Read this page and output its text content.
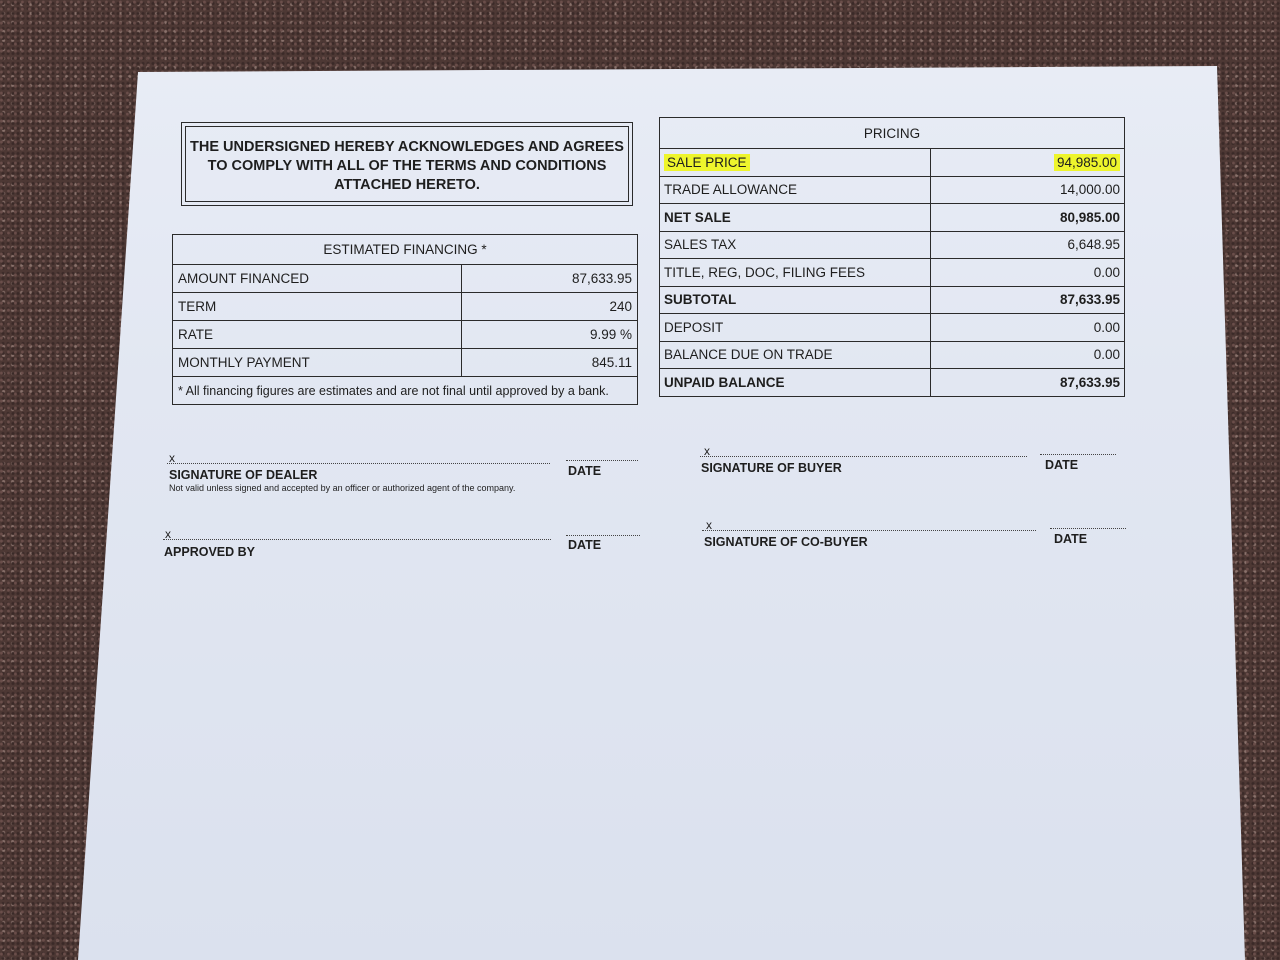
THE UNDERSIGNED HEREBY ACKNOWLEDGES AND AGREES
TO COMPLY WITH ALL OF THE TERMS AND CONDITIONS
ATTACHED HERETO.
ESTIMATED FINANCING *	
AMOUNT FINANCED	87,633.95
TERM	240
RATE	9.99 %
MONTHLY PAYMENT	845.11
* All financing figures are estimates and are not final until approved by a bank.	
PRICING	
SALE PRICE	94,985.00
TRADE ALLOWANCE	14,000.00
NET SALE	80,985.00
SALES TAX	6,648.95
TITLE, REG, DOC, FILING FEES	0.00
SUBTOTAL	87,633.95
DEPOSIT	0.00
BALANCE DUE ON TRADE	0.00
UNPAID BALANCE	87,633.95
x
SIGNATURE OF DEALER
Not valid unless signed and accepted by an officer or authorized agent of the company.
DATE
x
APPROVED BY	DATE
x
SIGNATURE OF BUYER	DATE
x
SIGNATURE OF CO-BUYER	DATE
